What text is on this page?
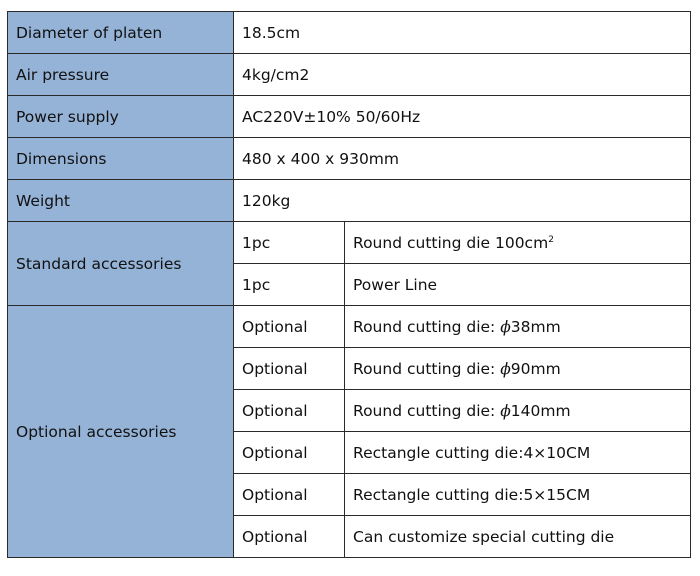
Diameter of platen	18.5cm	
Air pressure	4kg/cm2	
Power supply	AC220V±10% 50/60Hz	
Dimensions	480 x 400 x 930mm	
Weight	120kg	
Standard accessories	1pc	Round cutting die $100cm^2$
	1pc	Power Line
Optional accessories	Optional	Round cutting die: ϕ38mm
	Optional	Round cutting die: ϕ90mm
	Optional	Round cutting die: ϕ140mm
	Optional	Rectangle cutting die:4×10CM
	Optional	Rectangle cutting die:5×15CM
	Optional	Can customize special cutting die
